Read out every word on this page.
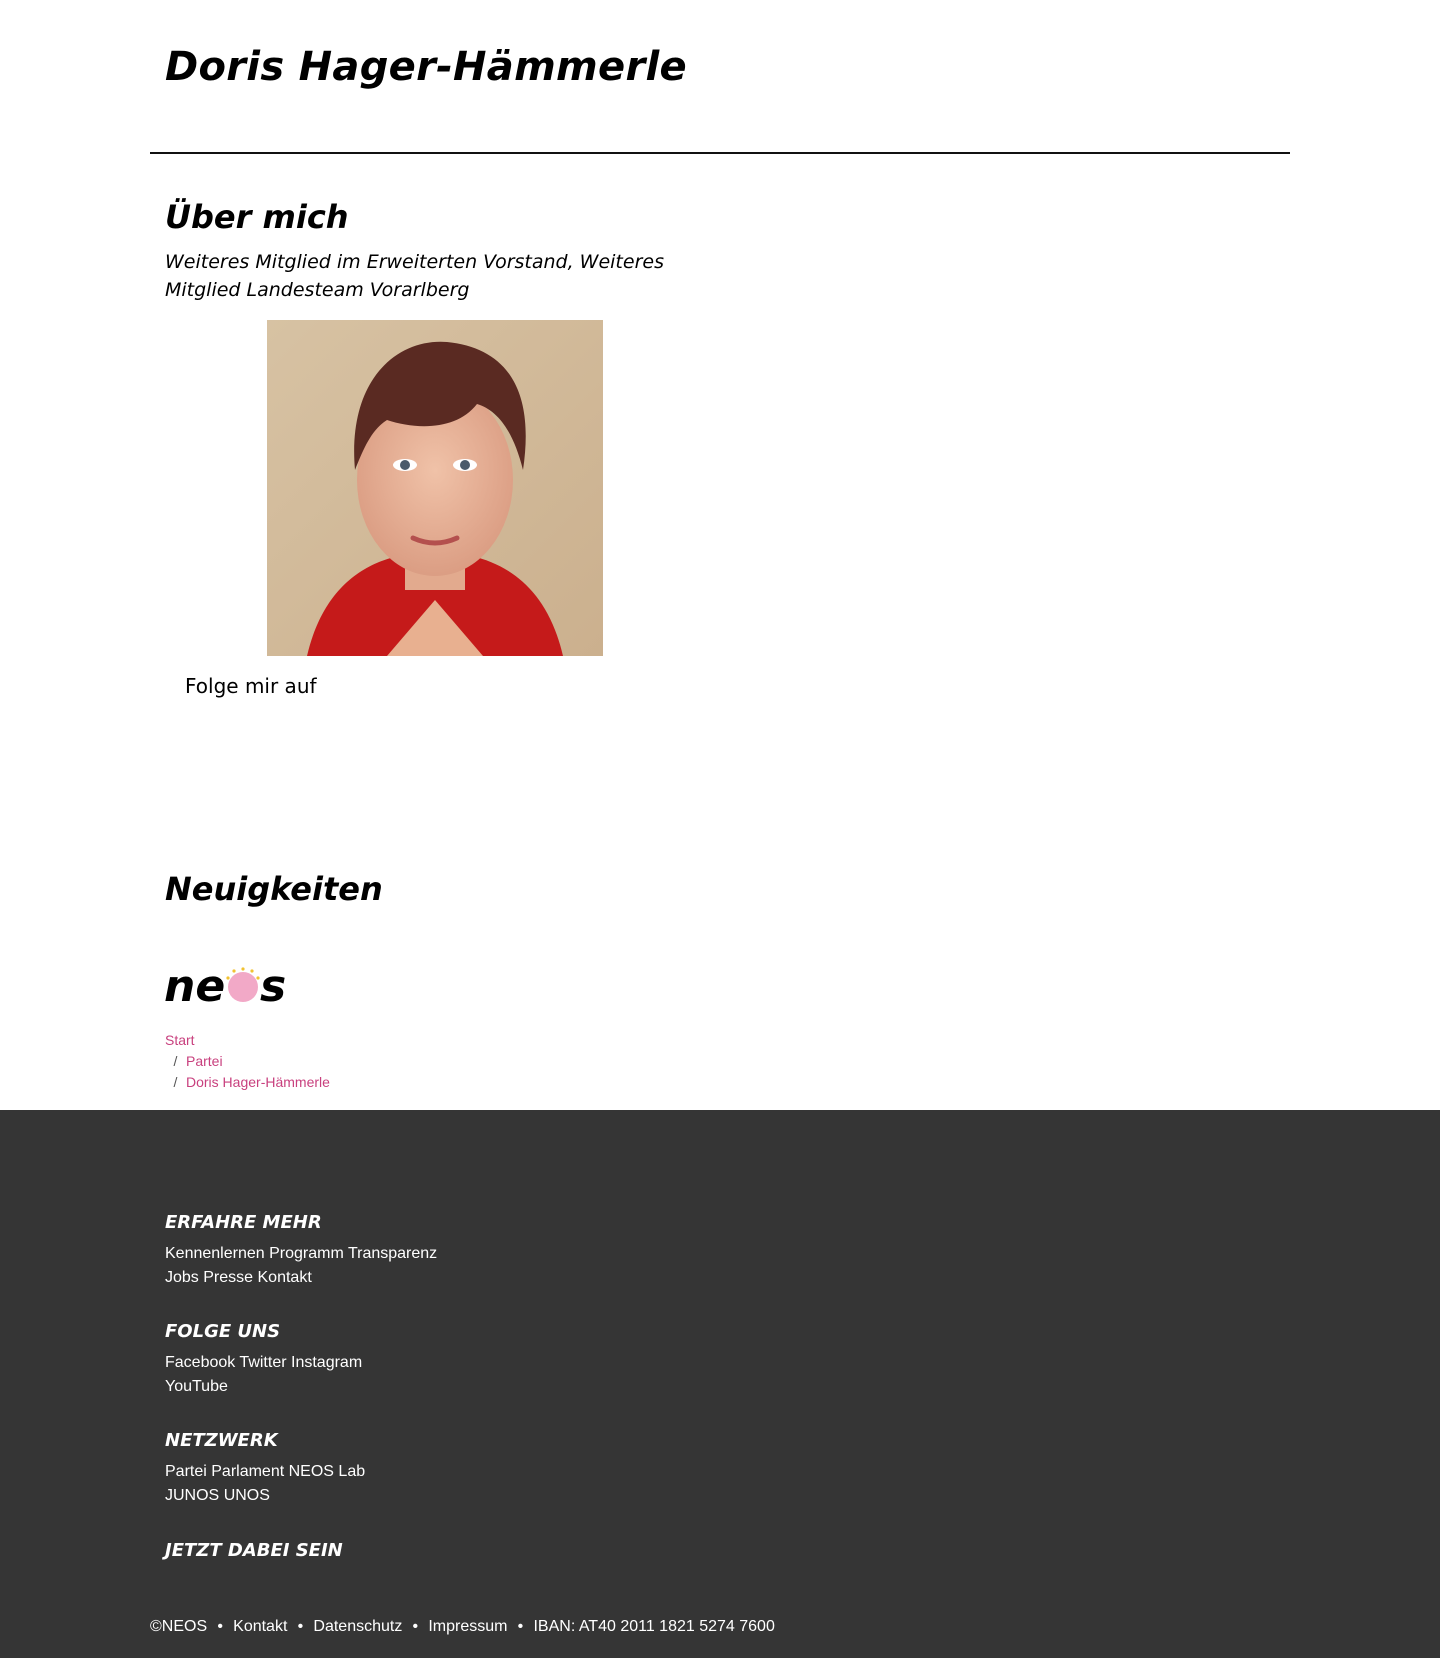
Doris Hager-Hämmerle
Über mich

Weiteres Mitglied im Erweiterten Vorstand, Weiteres Mitglied Landesteam Vorarlberg

Folge mir auf
Neuigkeiten
ne s
Start
/ Partei
/ Doris Hager-Hämmerle
ERFAHRE MEHR
Kennenlernen Programm Transparenz Jobs Presse Kontakt
FOLGE UNS
Facebook Twitter Instagram YouTube
NETZWERK
Partei Parlament NEOS Lab JUNOS UNOS
JETZT DABEI SEIN
©NEOS • Kontakt • Datenschutz • Impressum • IBAN: AT40 2011 1821 5274 7600
